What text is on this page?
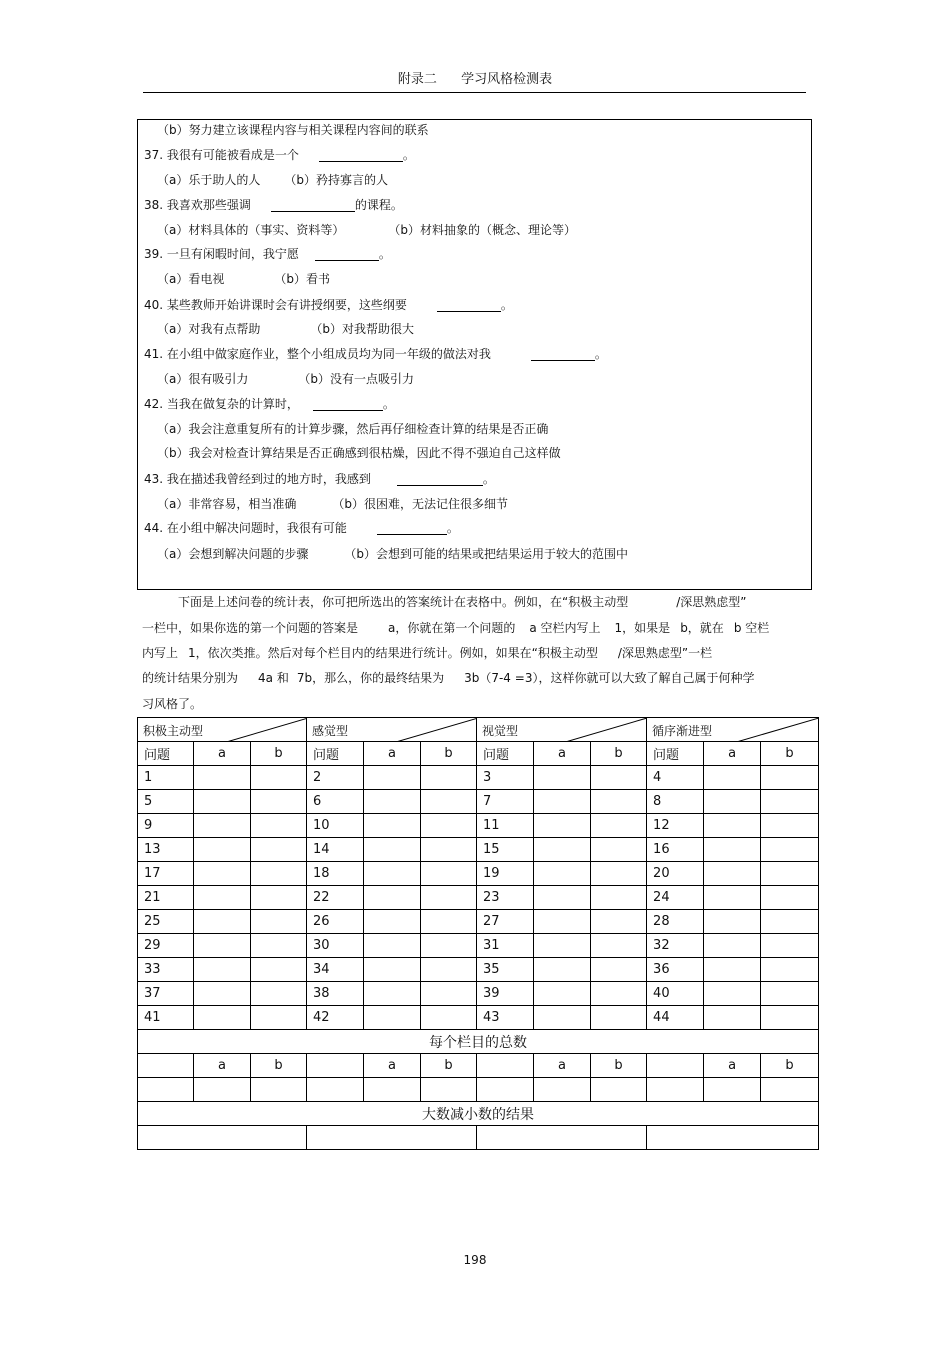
附录二 学习风格检测表
（b）努力建立该课程内容与相关课程内容间的联系
37. 我很有可能被看成是一个	。
（a）乐于助人的人 （b）矜持寡言的人
38. 我喜欢那些强调	的课程。
（a）材料具体的（事实、资料等）	（b）材料抽象的（概念、理论等）
39. 一旦有闲暇时间，我宁愿	。
（a）看电视	（b）看书
40. 某些教师开始讲课时会有讲授纲要，这些纲要	。
（a）对我有点帮助	（b）对我帮助很大
41. 在小组中做家庭作业，整个小组成员均为同一年级的做法对我	。
（a）很有吸引力	（b）没有一点吸引力
42. 当我在做复杂的计算时，	。
（a）我会注意重复所有的计算步骤，然后再仔细检查计算的结果是否正确
（b）我会对检查计算结果是否正确感到很枯燥，因此不得不强迫自己这样做
43. 我在描述我曾经到过的地方时，我感到	。
（a）非常容易，相当准确	（b）很困难，无法记住很多细节
44. 在小组中解决问题时，我很有可能	。
（a）会想到解决问题的步骤	（b）会想到可能的结果或把结果运用于较大的范围中
下面是上述问卷的统计表，你可把所选出的答案统计在表格中。例如，在“积极主动型	/深思熟虑型”
一栏中，如果你选的第一个问题的答案是	a，你就在第一个问题的 a 空栏内写上 1，如果是 b，就在 b 空栏
内写上 1，依次类推。然后对每个栏目内的结果进行统计。例如，如果在“积极主动型 /深思熟虑型”一栏
的统计结果分别为 4a 和 7b，那么，你的最终结果为 3b（7-4 =3），这样你就可以大致了解自己属于何种学
习风格了。
积极主动型			感觉型			视觉型			循序渐进型		

问题	a	b	问题	a	b	问题	a	b	问题	a	b
1			2			3			4		
5			6			7			8		
9			10			11			12		
13			14			15			16		
17			18			19			20		
21			22			23			24		
25			26			27			28		
29			30			31			32		
33			34			35			36		
37			38			39			40		
41			42			43			44		
每个栏目的总数											
	a	b		a	b		a	b		a	b

大数减小数的结果											

198
